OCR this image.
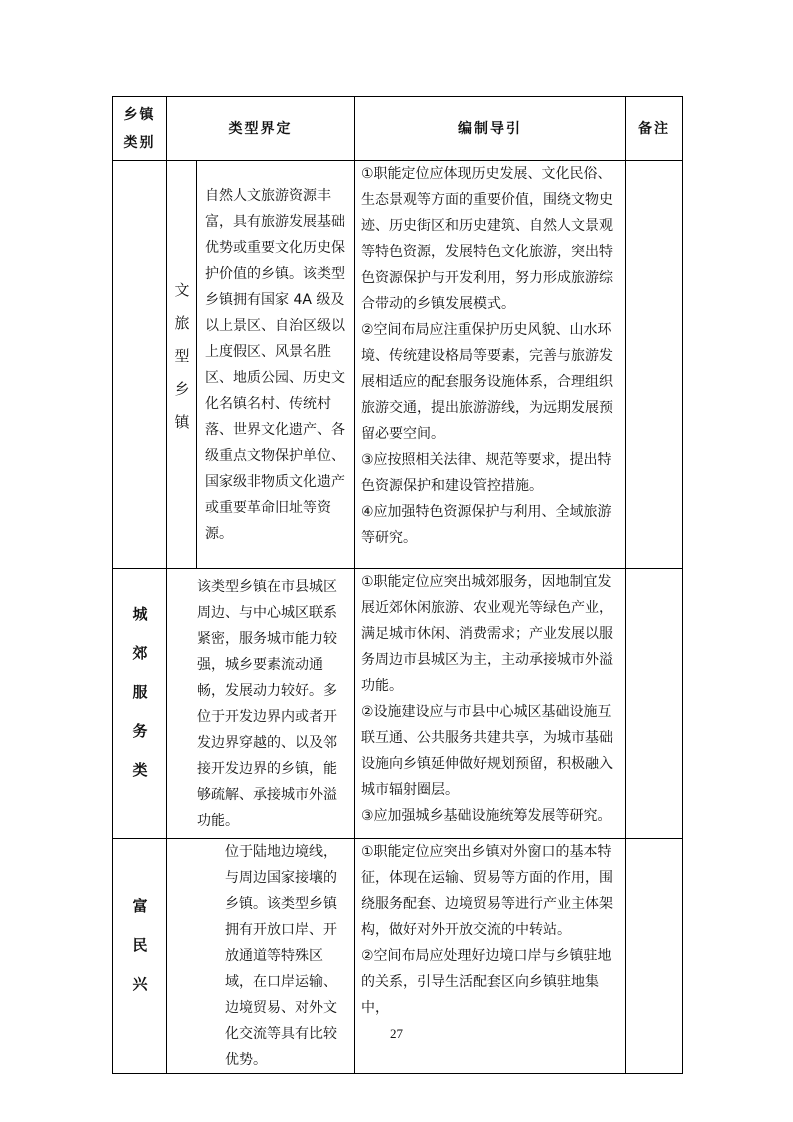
乡镇类别	类型界定		编制导引	备注

	文旅型乡镇	自然人文旅游资源丰富，具有旅游发展基础优势或重要文化历史保护价值的乡镇。该类型乡镇拥有国家 4A 级及以上景区、自治区级以上度假区、风景名胜区、地质公园、历史文化名镇名村、传统村落、世界文化遗产、各级重点文物保护单位、国家级非物质文化遗产或重要革命旧址等资源。	①职能定位应体现历史发展、文化民俗、生态景观等方面的重要价值，围绕文物史迹、历史街区和历史建筑、自然人文景观等特色资源，发展特色文化旅游，突出特色资源保护与开发利用，努力形成旅游综合带动的乡镇发展模式。
②空间布局应注重保护历史风貌、山水环境、传统建设格局等要素，完善与旅游发展相适应的配套服务设施体系，合理组织旅游交通，提出旅游游线，为远期发展预留必要空间。
③应按照相关法律、规范等要求，提出特色资源保护和建设管控措施。
④应加强特色资源保护与利用、全域旅游等研究。	

城郊服务类	该类型乡镇在市县城区周边、与中心城区联系紧密，服务城市能力较强，城乡要素流动通畅，发展动力较好。多位于开发边界内或者开发边界穿越的、以及邻接开发边界的乡镇，能够疏解、承接城市外溢功能。		①职能定位应突出城郊服务，因地制宜发展近郊休闲旅游、农业观光等绿色产业，满足城市休闲、消费需求；产业发展以服务周边市县城区为主，主动承接城市外溢功能。
②设施建设应与市县中心城区基础设施互联互通、公共服务共建共享，为城市基础设施向乡镇延伸做好规划预留，积极融入城市辐射圈层。
③应加强城乡基础设施统筹发展等研究。	

富民兴	位于陆地边境线，与周边国家接壤的乡镇。该类型乡镇拥有开放口岸、开放通道等特殊区域，在口岸运输、边境贸易、对外文化交流等具有比较优势。		①职能定位应突出乡镇对外窗口的基本特征，体现在运输、贸易等方面的作用，围绕服务配套、边境贸易等进行产业主体架构，做好对外开放交流的中转站。
②空间布局应处理好边境口岸与乡镇驻地的关系，引导生活配套区向乡镇驻地集中，	

27
